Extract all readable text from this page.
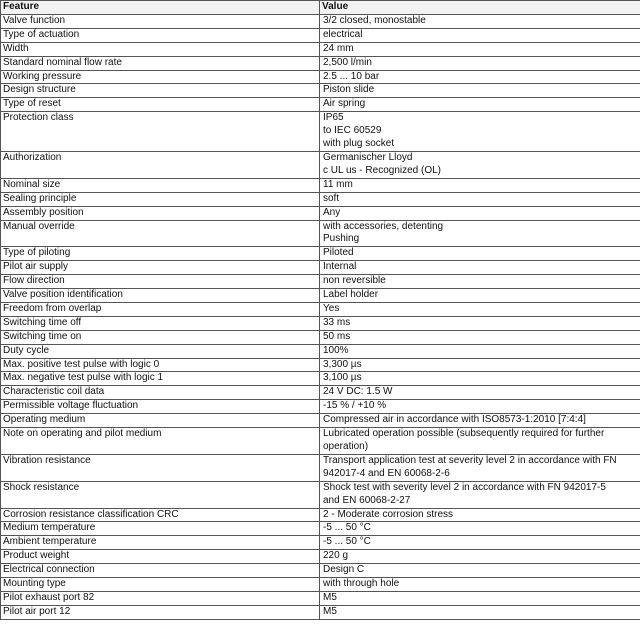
Feature	Value
Valve function	3/2 closed, monostable

Type of actuation	electrical

Width	24 mm

Standard nominal flow rate	2,500 l/min

Working pressure	2.5 ... 10 bar

Design structure	Piston slide

Type of reset	Air spring

Protection class	IP65
to IEC 60529
with plug socket

Authorization	Germanischer Lloyd
c UL us - Recognized (OL)

Nominal size	11 mm

Sealing principle	soft

Assembly position	Any

Manual override	with accessories, detenting
Pushing

Type of piloting	Piloted

Pilot air supply	Internal

Flow direction	non reversible

Valve position identification	Label holder

Freedom from overlap	Yes

Switching time off	33 ms

Switching time on	50 ms

Duty cycle	100%

Max. positive test pulse with logic 0	3,300 µs

Max. negative test pulse with logic 1	3,100 µs

Characteristic coil data	24 V DC: 1.5 W

Permissible voltage fluctuation	-15 % / +10 %

Operating medium	Compressed air in accordance with ISO8573-1:2010 [7:4:4]

Note on operating and pilot medium	Lubricated operation possible (subsequently required for further
operation)

Vibration resistance	Transport application test at severity level 2 in accordance with FN
942017-4 and EN 60068-2-6

Shock resistance	Shock test with severity level 2 in accordance with FN 942017-5
and EN 60068-2-27

Corrosion resistance classification CRC	2 - Moderate corrosion stress

Medium temperature	-5 ... 50 °C

Ambient temperature	-5 ... 50 °C

Product weight	220 g

Electrical connection	Design C

Mounting type	with through hole

Pilot exhaust port 82	M5

Pilot air port 12	M5
